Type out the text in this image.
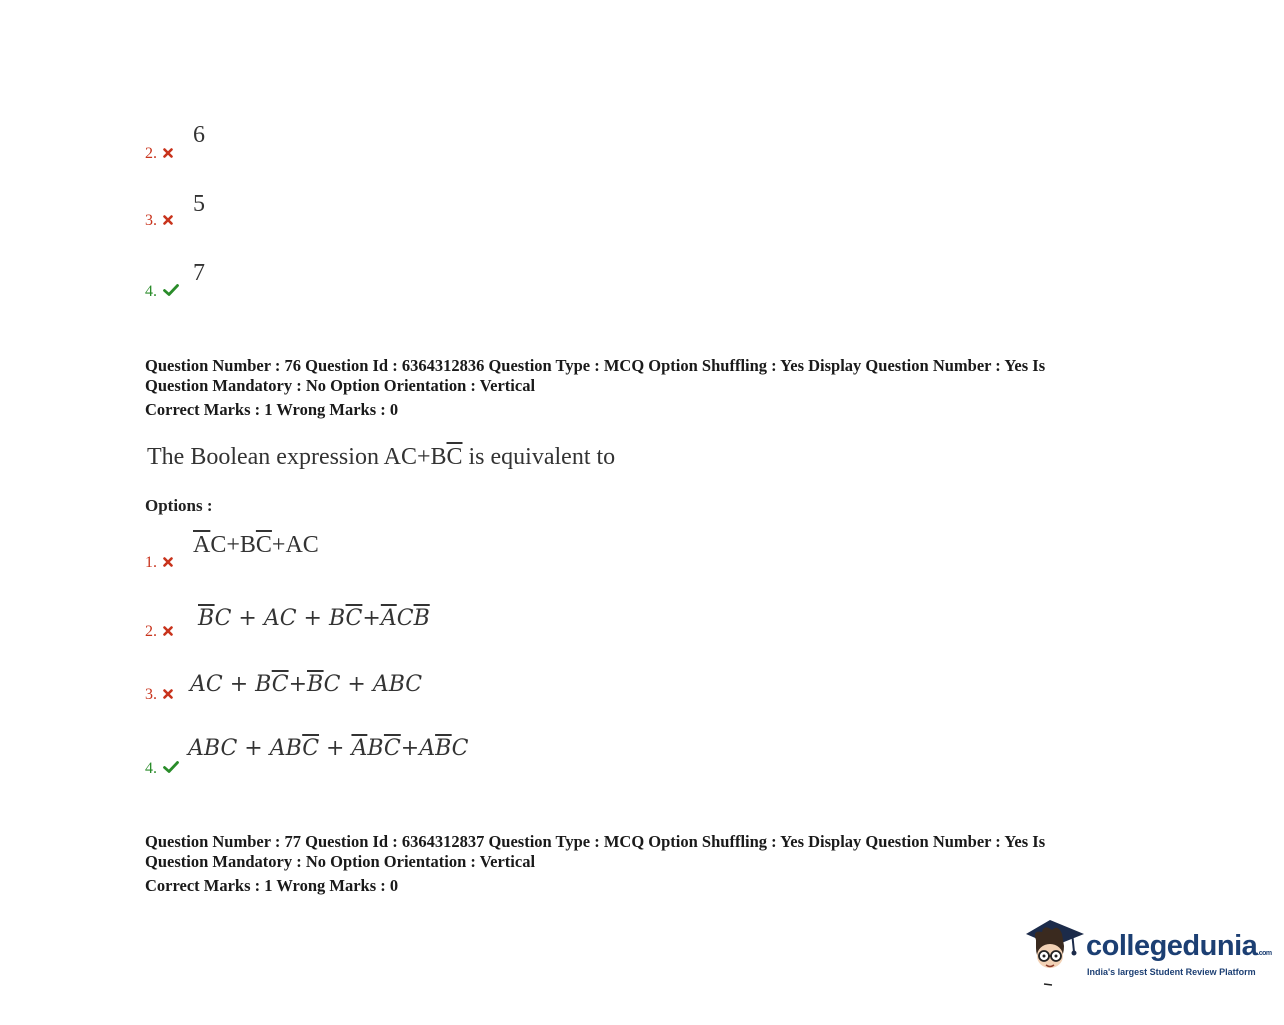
2.
6
3.
5
4.
7
Question Number : 76 Question Id : 6364312836 Question Type : MCQ Option Shuffling : Yes Display Question Number : Yes Is
Question Mandatory : No Option Orientation : Vertical
Correct Marks : 1 Wrong Marks : 0
The Boolean expression $AC+B\overline{C}$ is equivalent to
Options :
1.
$\overline{A}C+B\overline{C}+AC$
2.
$\overline{B}C$ + AC + $B\overline{C}+\overline{A}C\overline{B}$
3.	AC + $B\overline{C}+\overline{B}C$ + ABC
4.
ABC + $AB\overline{C} + \overline{A}B\overline{C}+A\overline{B}C$
Question Number : 77 Question Id : 6364312837 Question Type : MCQ Option Shuffling : Yes Display Question Number : Yes Is
Question Mandatory : No Option Orientation : Vertical
Correct Marks : 1 Wrong Marks : 0
collegedunia.com
India's largest Student Review Platform
